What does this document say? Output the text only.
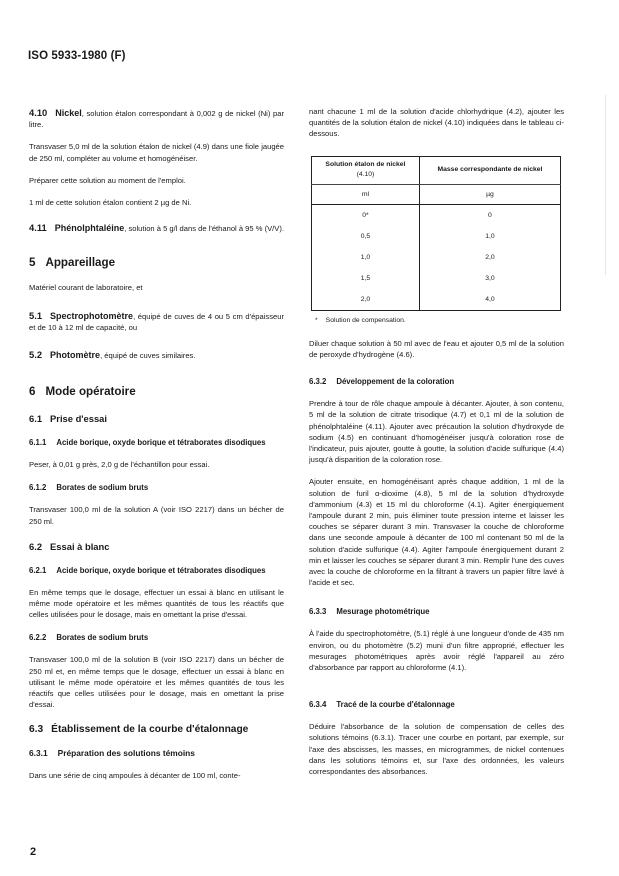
ISO 5933-1980 (F)

4.10 Nickel, solution étalon correspondant à 0,002 g de nickel (Ni) par litre.

Transvaser 5,0 ml de la solution étalon de nickel (4.9) dans une fiole jaugée de 250 ml, compléter au volume et homogénéiser.

Préparer cette solution au moment de l'emploi.

1 ml de cette solution étalon contient 2 µg de Ni.

4.11 Phénolphtaléine, solution à 5 g/l dans de l'éthanol à 95 % (V/V).

5 Appareillage

Matériel courant de laboratoire, et

5.1 Spectrophotomètre, équipé de cuves de 4 ou 5 cm d'épaisseur et de 10 à 12 ml de capacité, ou

5.2 Photomètre, équipé de cuves similaires.

6 Mode opératoire
6.1 Prise d'essai
6.1.1 Acide borique, oxyde borique et tétraborates disodiques

Peser, à 0,01 g près, 2,0 g de l'échantillon pour essai.

6.1.2 Borates de sodium bruts

Transvaser 100,0 ml de la solution A (voir ISO 2217) dans un bécher de 250 ml.

6.2 Essai à blanc
6.2.1 Acide borique, oxyde borique et tétraborates disodiques

En même temps que le dosage, effectuer un essai à blanc en utilisant le même mode opératoire et les mêmes quantités de tous les réactifs que celles utilisées pour le dosage, mais en omettant la prise d'essai.

6.2.2 Borates de sodium bruts

Transvaser 100,0 ml de la solution B (voir ISO 2217) dans un bécher de 250 ml et, en même temps que le dosage, effectuer un essai à blanc en utilisant le même mode opératoire et les mêmes quantités de tous les réactifs que celles utilisées pour le dosage, mais en omettant la prise d'essai.

6.3 Établissement de la courbe d'étalonnage
6.3.1 Préparation des solutions témoins

Dans une série de cinq ampoules à décanter de 100 ml, conte-

nant chacune 1 ml de la solution d'acide chlorhydrique (4.2), ajouter les quantités de la solution étalon de nickel (4.10) indiquées dans le tableau ci-dessous.

Solution étalon de nickel
(4.10)	Masse correspondante de nickel

ml	µg
0*	0
0,5	1,0
1,0	2,0
1,5	3,0
2,0	4,0
* Solution de compensation.

Diluer chaque solution à 50 ml avec de l'eau et ajouter 0,5 ml de la solution de peroxyde d'hydrogène (4.6).

6.3.2 Développement de la coloration

Prendre à tour de rôle chaque ampoule à décanter. Ajouter, à son contenu, 5 ml de la solution de citrate trisodique (4.7) et 0,1 ml de la solution de phénolphtaléine (4.11). Ajouter avec précaution la solution d'hydroxyde de sodium (4.5) en continuant d'homogénéiser jusqu'à coloration rose de l'indicateur, puis ajouter, goutte à goutte, la solution d'acide sulfurique (4.4) jusqu'à disparition de la coloration rose.

Ajouter ensuite, en homogénéisant après chaque addition, 1 ml de la solution de furil α-dioxime (4.8), 5 ml de la solution d'hydroxyde d'ammonium (4.3) et 15 ml du chloroforme (4.1). Agiter énergiquement l'ampoule durant 2 min, puis éliminer toute pression interne et laisser les couches se séparer durant 3 min. Transvaser la couche de chloroforme dans une seconde ampoule à décanter de 100 ml contenant 50 ml de la solution d'acide sulfurique (4.4). Agiter l'ampoule énergiquement durant 2 min et laisser les couches se séparer durant 3 min. Remplir l'une des cuves avec la couche de chloroforme en la filtrant à travers un papier filtre lavé à l'acide et sec.

6.3.3 Mesurage photométrique

À l'aide du spectrophotomètre, (5.1) réglé à une longueur d'onde de 435 nm environ, ou du photomètre (5.2) muni d'un filtre approprié, effectuer les mesurages photométriques après avoir réglé l'appareil au zéro d'absorbance par rapport au chloroforme (4.1).

6.3.4 Tracé de la courbe d'étalonnage

Déduire l'absorbance de la solution de compensation de celles des solutions témoins (6.3.1). Tracer une courbe en portant, par exemple, sur l'axe des abscisses, les masses, en microgrammes, de nickel contenues dans les solutions témoins et, sur l'axe des ordonnées, les valeurs correspondantes des absorbances.

2
